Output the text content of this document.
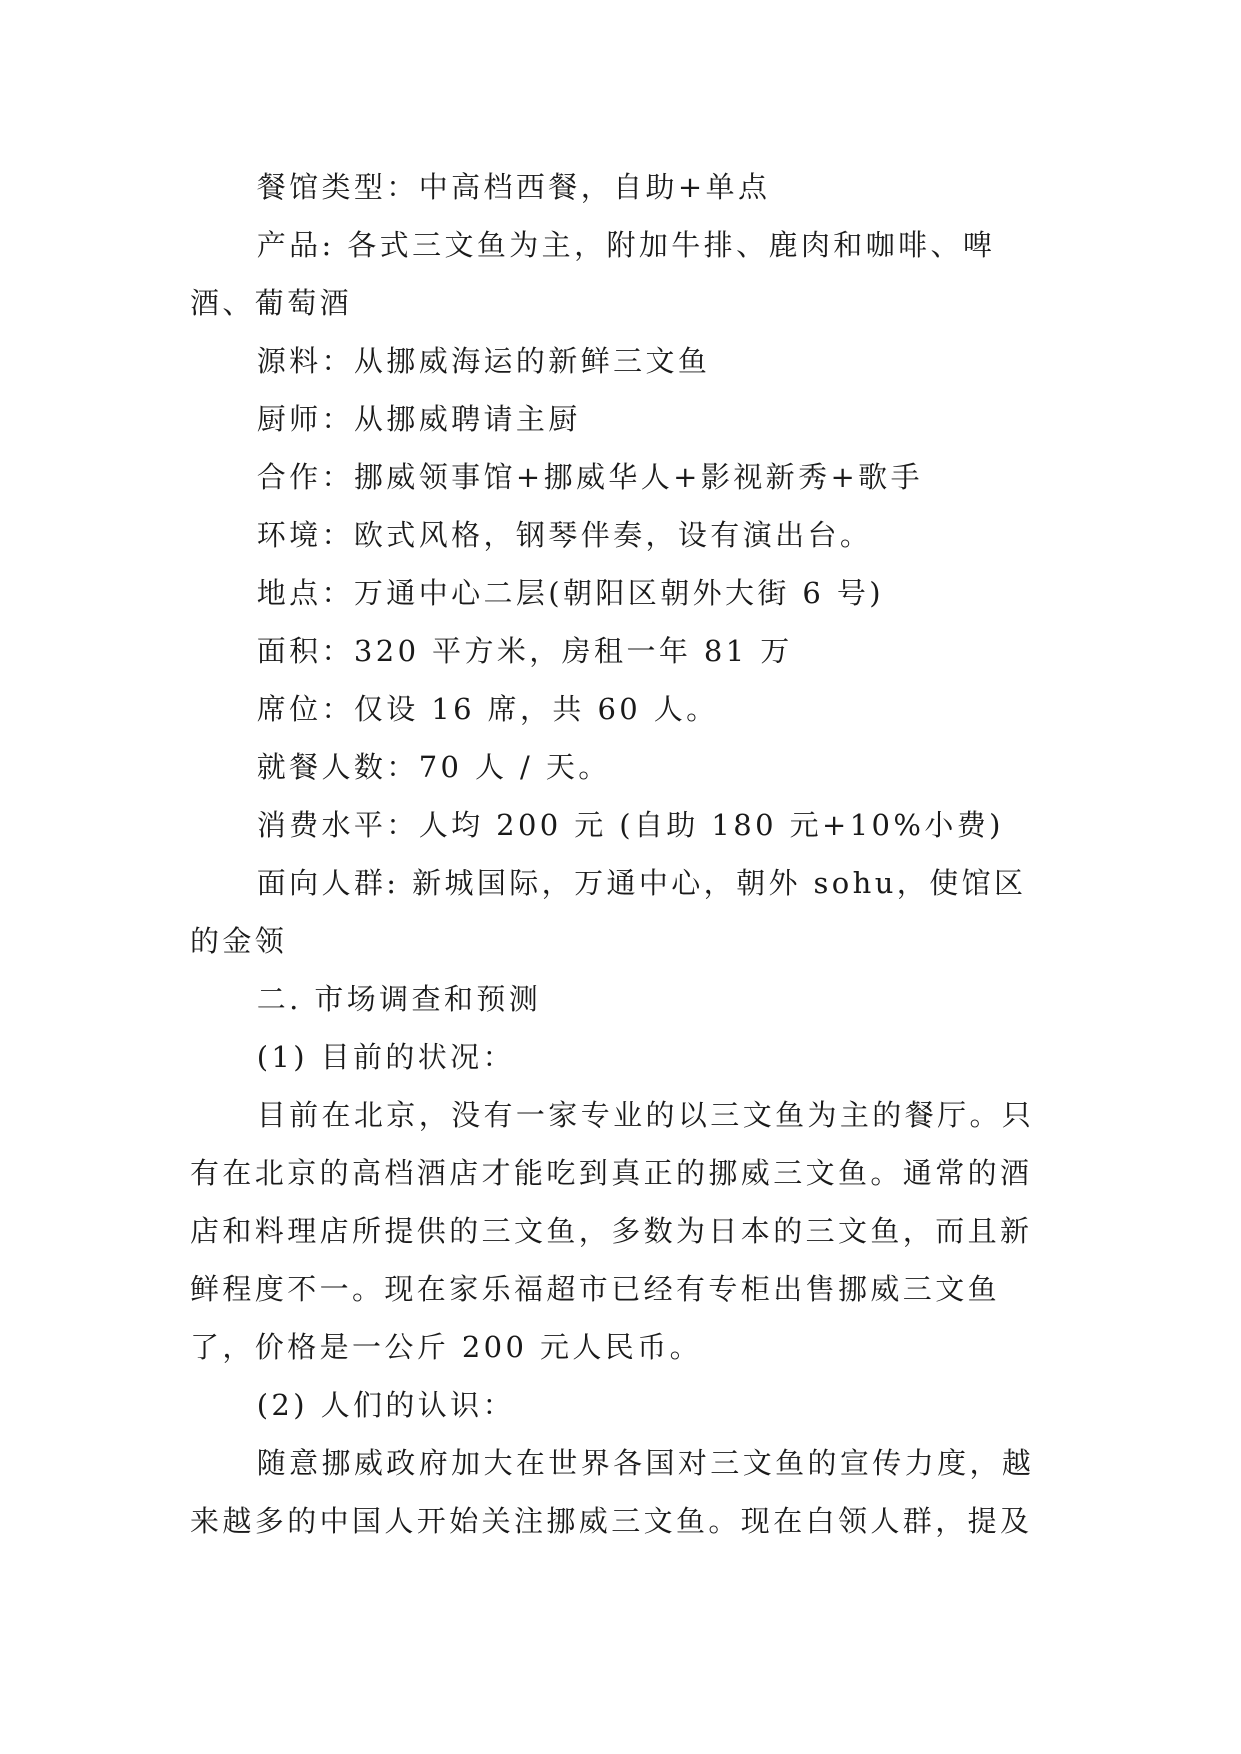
餐馆类型：中高档西餐，自助+单点

产品: 各式三文鱼为主，附加牛排、鹿肉和咖啡、啤酒、葡萄酒

源料：从挪威海运的新鲜三文鱼

厨师：从挪威聘请主厨

合作：挪威领事馆+挪威华人+影视新秀+歌手

环境：欧式风格，钢琴伴奏，设有演出台。

地点：万通中心二层(朝阳区朝外大街 6 号)

面积：320 平方米，房租一年 81 万

席位：仅设 16 席，共 60 人。

就餐人数：70 人 / 天。

消费水平：人均 200 元 (自助 180 元+10%小费)

面向人群: 新城国际，万通中心，朝外 sohu，使馆区的金领

二. 市场调查和预测

(1) 目前的状况：

目前在北京，没有一家专业的以三文鱼为主的餐厅。只有在北京的高档酒店才能吃到真正的挪威三文鱼。通常的酒店和料理店所提供的三文鱼，多数为日本的三文鱼，而且新鲜程度不一。现在家乐福超市已经有专柜出售挪威三文鱼了，价格是一公斤 200 元人民币。

(2) 人们的认识：

随意挪威政府加大在世界各国对三文鱼的宣传力度，越来越多的中国人开始关注挪威三文鱼。现在白领人群，提及
